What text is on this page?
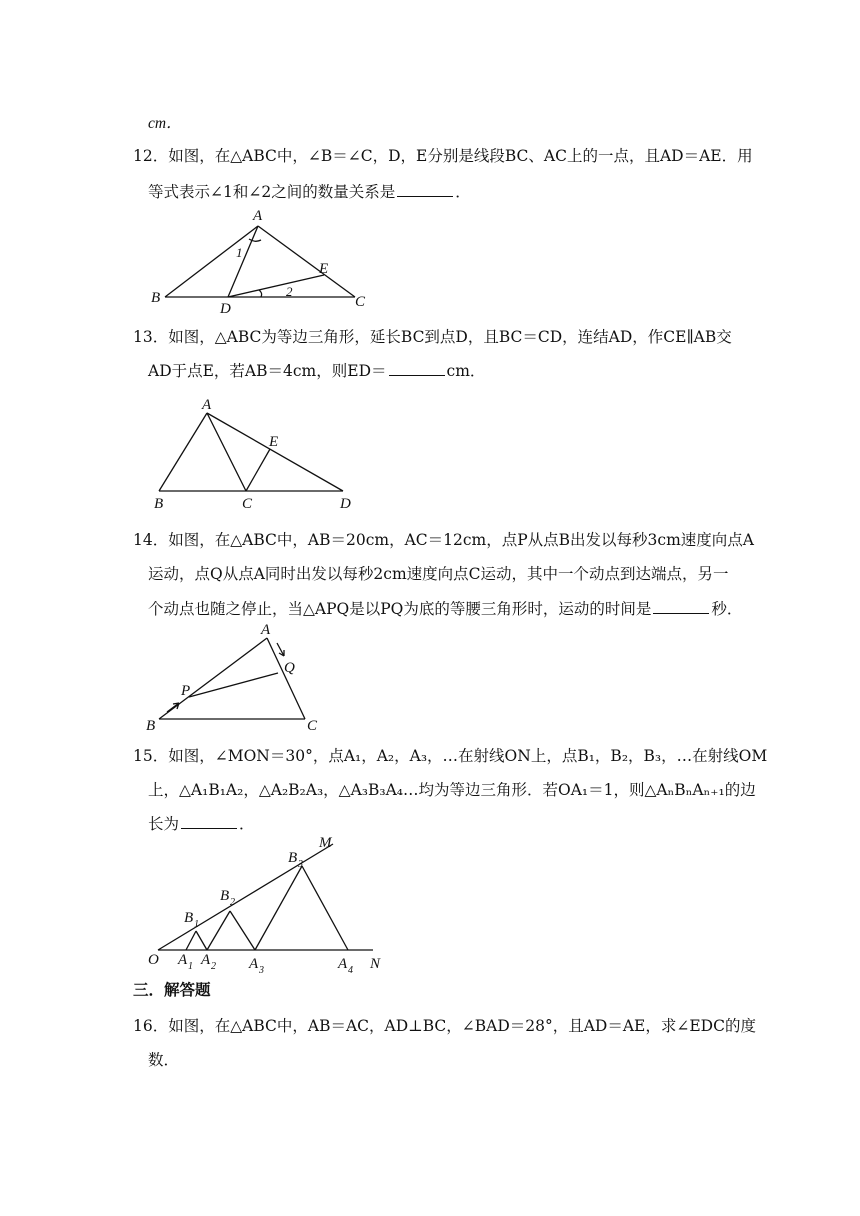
cm．
12．如图，在△ABC中，∠B＝∠C，D，E分别是线段BC、AC上的一点，且AD＝AE．用
等式表示∠1和∠2之间的数量关系是	．
A
B	C
D
E
1
2
13．如图，△ABC为等边三角形，延长BC到点D，且BC＝CD，连结AD，作CE∥AB交
AD于点E，若AB＝4cm，则ED＝	cm．
A
B	C	D
E
14．如图，在△ABC中，AB＝20cm，AC＝12cm，点P从点B出发以每秒3cm速度向点A
运动，点Q从点A同时出发以每秒2cm速度向点C运动，其中一个动点到达端点，另一
个动点也随之停止，当△APQ是以PQ为底的等腰三角形时，运动的时间是	秒．
A
B	C
P
Q
15．如图，∠MON＝30°，点A₁，A₂，A₃，…在射线ON上，点B₁，B₂，B₃，…在射线OM
上，△A₁B₁A₂，△A₂B₂A₃，△A₃B₃A₄…均为等边三角形．若OA₁＝1，则△AₙBₙAₙ₊₁的边
长为	．
O
M
N
A 1 A 2 A 3	A 4
B 1
B 2
B 3
三．解答题
16．如图，在△ABC中，AB＝AC，AD⊥BC，∠BAD＝28°，且AD＝AE，求∠EDC的度
数．
